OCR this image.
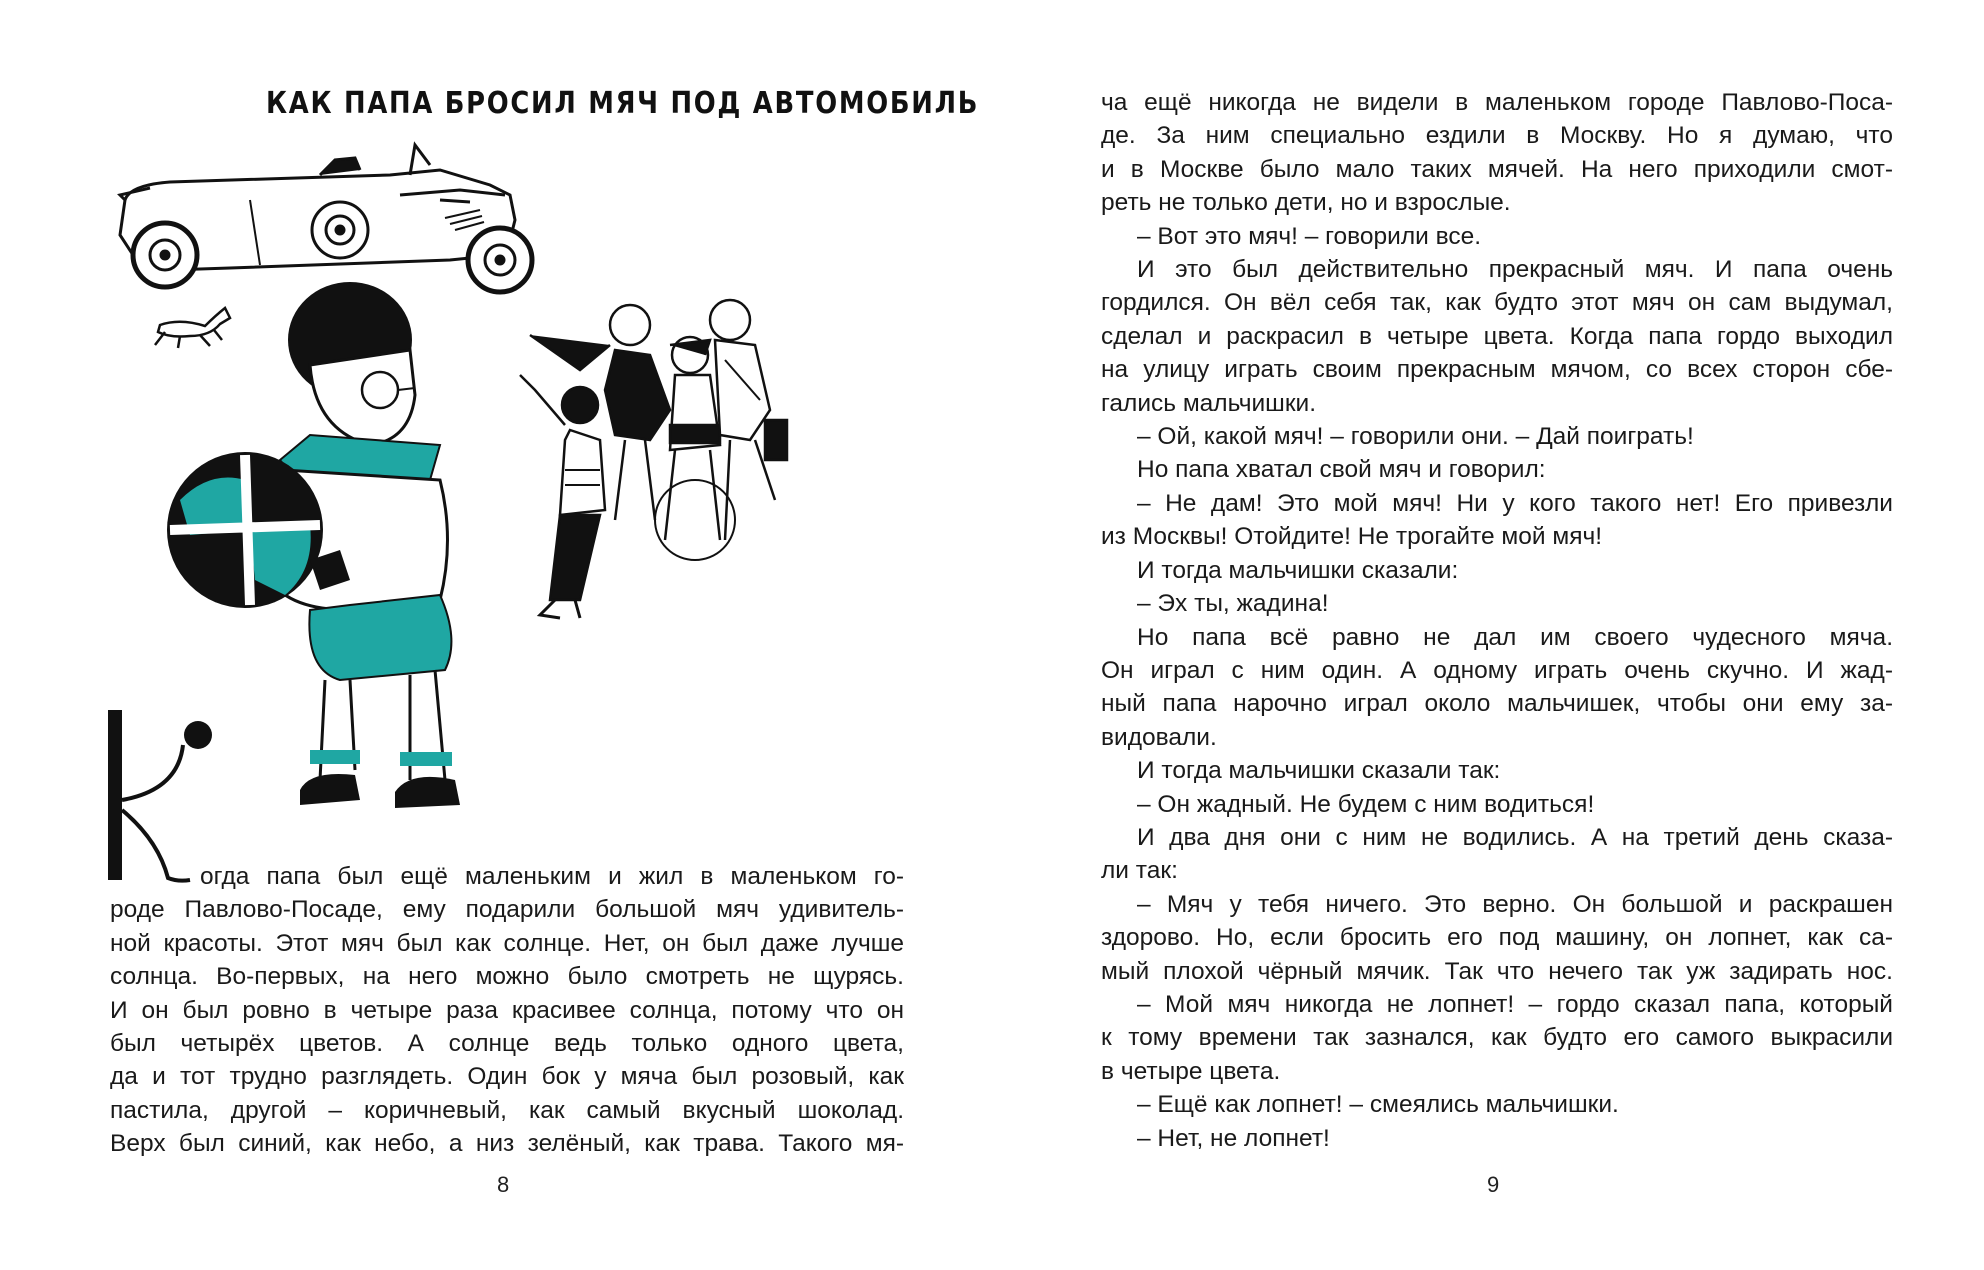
КАК ПАПА БРОСИЛ МЯЧ ПОД АВТОМОБИЛЬ
огда папа был ещё маленьким и жил в маленьком го-
роде Павлово-Посаде, ему подарили большой мяч удивитель-
ной красоты. Этот мяч был как солнце. Нет, он был даже лучше
солнца. Во-первых, на него можно было смотреть не щурясь.
И он был ровно в четыре раза красивее солнца, потому что он
был четырёх цветов. А солнце ведь только одного цвета,
да и тот трудно разглядеть. Один бок у мяча был розовый, как
пастила, другой – коричневый, как самый вкусный шоколад.
Верх был синий, как небо, а низ зелёный, как трава. Такого мя-
8	9
ча ещё никогда не видели в маленьком городе Павлово-Поса-
де. За ним специально ездили в Москву. Но я думаю, что
и в Москве было мало таких мячей. На него приходили смот-
реть не только дети, но и взрослые.
– Вот это мяч! – говорили все.
И это был действительно прекрасный мяч. И папа очень
гордился. Он вёл себя так, как будто этот мяч он сам выдумал,
сделал и раскрасил в четыре цвета. Когда папа гордо выходил
на улицу играть своим прекрасным мячом, со всех сторон сбе-
гались мальчишки.
– Ой, какой мяч! – говорили они. – Дай поиграть!
Но папа хватал свой мяч и говорил:
– Не дам! Это мой мяч! Ни у кого такого нет! Его привезли
из Москвы! Отойдите! Не трогайте мой мяч!
И тогда мальчишки сказали:
– Эх ты, жадина!
Но папа всё равно не дал им своего чудесного мяча.
Он играл с ним один. А одному играть очень скучно. И жад-
ный папа нарочно играл около мальчишек, чтобы они ему за-
видовали.
И тогда мальчишки сказали так:
– Он жадный. Не будем с ним водиться!
И два дня они с ним не водились. А на третий день сказа-
ли так:
– Мяч у тебя ничего. Это верно. Он большой и раскрашен
здорово. Но, если бросить его под машину, он лопнет, как са-
мый плохой чёрный мячик. Так что нечего так уж задирать нос.
– Мой мяч никогда не лопнет! – гордо сказал папа, который
к тому времени так зазнался, как будто его самого выкрасили
в четыре цвета.
– Ещё как лопнет! – смеялись мальчишки.
– Нет, не лопнет!
